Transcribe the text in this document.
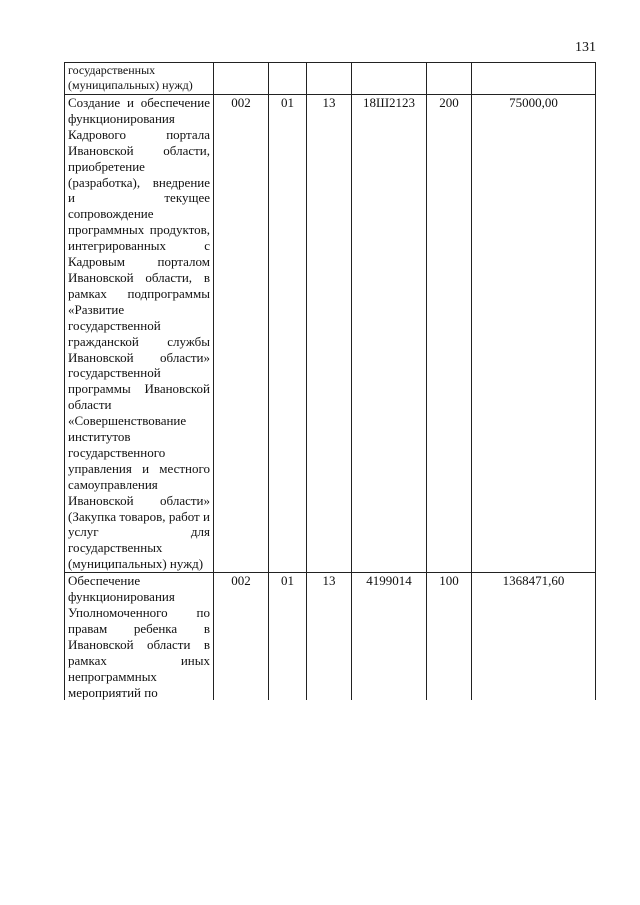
131
государственных (муниципальных) нужд)						
Создание и обеспечение функционирования Кадрового портала Ивановской области, приобретение (разработка), внедрение и текущее сопровождение программных продуктов, интегрированных с Кадровым порталом Ивановской области, в рамках подпрограммы «Развитие государственной гражданской службы Ивановской области» государственной программы Ивановской области «Совершенствование институтов государственного управления и местного самоуправления Ивановской области» (Закупка товаров, работ и услуг для государственных (муниципальных) нужд)	002	01	13	18Ш2123	200	75000,00
Обеспечение функционирования Уполномоченного по правам ребенка в Ивановской области в рамках иных непрограммных мероприятий по	002	01	13	4199014	100	1368471,60
